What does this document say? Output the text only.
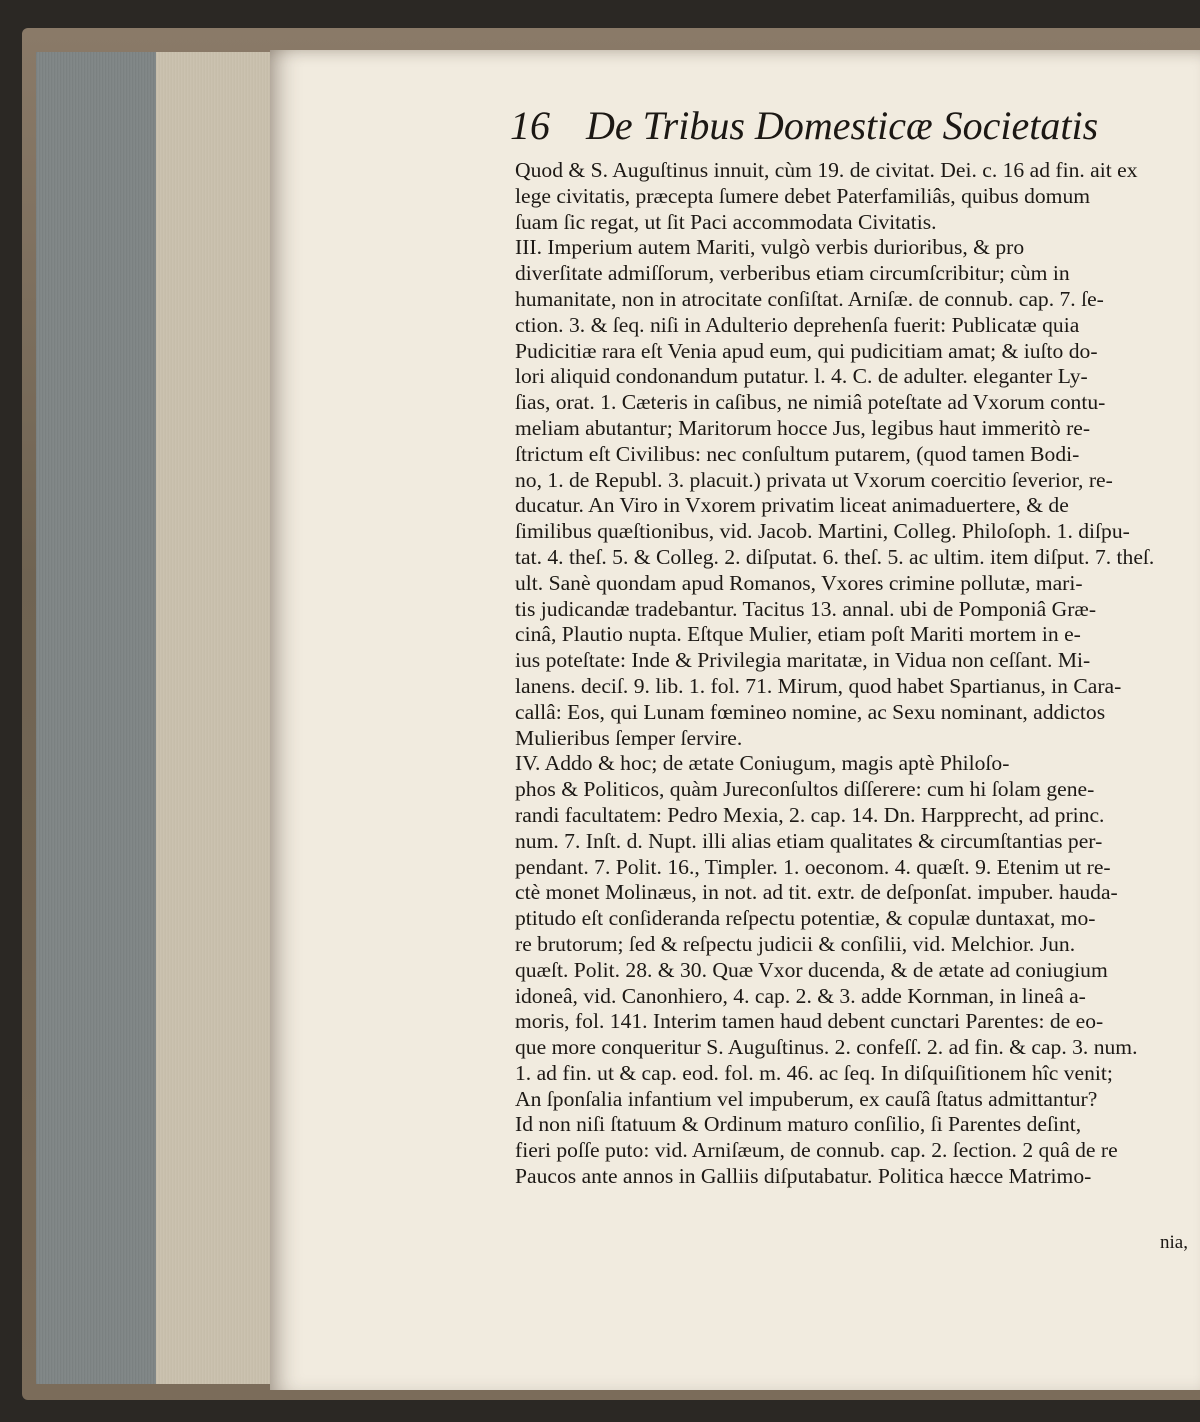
16 De Tribus Domesticæ Societatis
Quod & S. Auguſtinus innuit, cùm 19. de civitat. Dei. c. 16 ad fin. ait ex
lege civitatis, præcepta ſumere debet Paterfamiliâs, quibus domum
ſuam ſic regat, ut ſit Paci accommodata Civitatis.
III. Imperium autem Mariti, vulgò verbis durioribus, & pro
diverſitate admiſſorum, verberibus etiam circumſcribitur; cùm in
humanitate, non in atrocitate conſiſtat. Arniſæ. de connub. cap. 7. ſe-
ction. 3. & ſeq. niſi in Adulterio deprehenſa fuerit: Publicatæ quia
Pudicitiæ rara eſt Venia apud eum, qui pudicitiam amat; & iuſto do-
lori aliquid condonandum putatur. l. 4. C. de adulter. eleganter Ly-
ſias, orat. 1. Cæteris in caſibus, ne nimiâ poteſtate ad Vxorum contu-
meliam abutantur; Maritorum hocce Jus, legibus haut immeritò re-
ſtrictum eſt Civilibus: nec conſultum putarem, (quod tamen Bodi-
no, 1. de Republ. 3. placuit.) privata ut Vxorum coercitio ſeverior, re-
ducatur. An Viro in Vxorem privatim liceat animaduertere, & de
ſimilibus quæſtionibus, vid. Jacob. Martini, Colleg. Philoſoph. 1. diſpu-
tat. 4. theſ. 5. & Colleg. 2. diſputat. 6. theſ. 5. ac ultim. item diſput. 7. theſ.
ult. Sanè quondam apud Romanos, Vxores crimine pollutæ, mari-
tis judicandæ tradebantur. Tacitus 13. annal. ubi de Pomponiâ Græ-
cinâ, Plautio nupta. Eſtque Mulier, etiam poſt Mariti mortem in e-
ius poteſtate: Inde & Privilegia maritatæ, in Vidua non ceſſant. Mi-
lanens. deciſ. 9. lib. 1. fol. 71. Mirum, quod habet Spartianus, in Cara-
callâ: Eos, qui Lunam fœmineo nomine, ac Sexu nominant, addictos
Mulieribus ſemper ſervire.
IV. Addo & hoc; de ætate Coniugum, magis aptè Philoſo-
phos & Politicos, quàm Jureconſultos diſſerere: cum hi ſolam gene-
randi facultatem: Pedro Mexia, 2. cap. 14. Dn. Harpprecht, ad princ.
num. 7. Inſt. d. Nupt. illi alias etiam qualitates & circumſtantias per-
pendant. 7. Polit. 16., Timpler. 1. oeconom. 4. quæſt. 9. Etenim ut re-
ctè monet Molinæus, in not. ad tit. extr. de deſponſat. impuber. hauda-
ptitudo eſt conſideranda reſpectu potentiæ, & copulæ duntaxat, mo-
re brutorum; ſed & reſpectu judicii & conſilii, vid. Melchior. Jun.
quæſt. Polit. 28. & 30. Quæ Vxor ducenda, & de ætate ad coniugium
idoneâ, vid. Canonhiero, 4. cap. 2. & 3. adde Kornman, in lineâ a-
moris, fol. 141. Interim tamen haud debent cunctari Parentes: de eo-
que more conqueritur S. Auguſtinus. 2. confeſſ. 2. ad fin. & cap. 3. num.
1. ad fin. ut & cap. eod. fol. m. 46. ac ſeq. In diſquiſitionem hîc venit;
An ſponſalia infantium vel impuberum, ex cauſâ ſtatus admittantur?
Id non niſi ſtatuum & Ordinum maturo conſilio, ſi Parentes deſint,
fieri poſſe puto: vid. Arniſæum, de connub. cap. 2. ſection. 2 quâ de re
Paucos ante annos in Galliis diſputabatur. Politica hæcce Matrimo-
nia,
